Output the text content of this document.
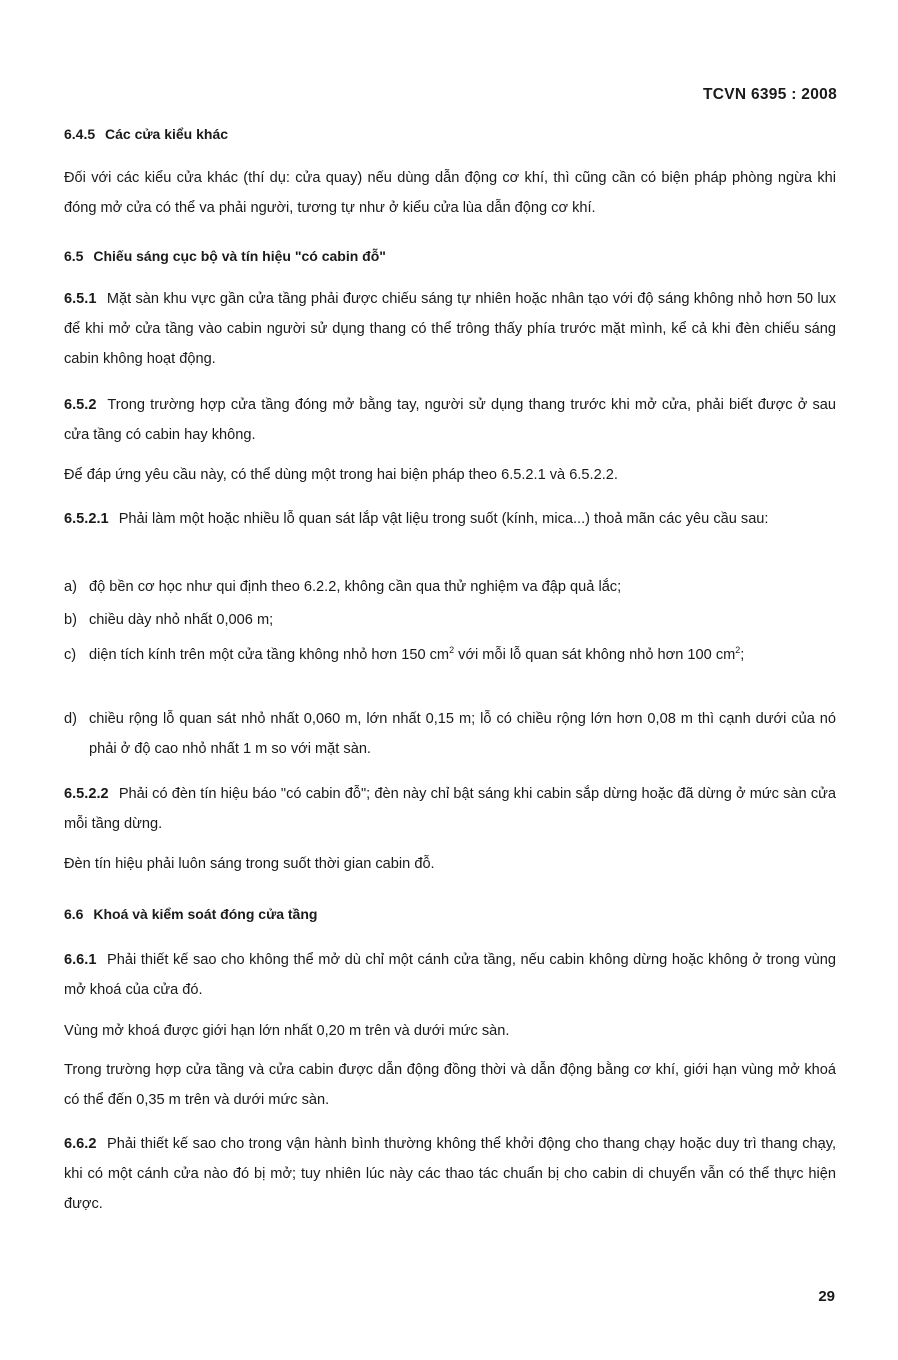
TCVN 6395 : 2008
6.4.5 Các cửa kiểu khác

Đối với các kiểu cửa khác (thí dụ: cửa quay) nếu dùng dẫn động cơ khí, thì cũng cần có biện pháp phòng ngừa khi đóng mở cửa có thể va phải người, tương tự như ở kiểu cửa lùa dẫn động cơ khí.

6.5 Chiếu sáng cục bộ và tín hiệu "có cabin đỗ"

6.5.1 Mặt sàn khu vực gần cửa tầng phải được chiếu sáng tự nhiên hoặc nhân tạo với độ sáng không nhỏ hơn 50 lux để khi mở cửa tầng vào cabin người sử dụng thang có thể trông thấy phía trước mặt mình, kể cả khi đèn chiếu sáng cabin không hoạt động.

6.5.2 Trong trường hợp cửa tầng đóng mở bằng tay, người sử dụng thang trước khi mở cửa, phải biết được ở sau cửa tầng có cabin hay không.

Để đáp ứng yêu cầu này, có thể dùng một trong hai biện pháp theo 6.5.2.1 và 6.5.2.2.

6.5.2.1 Phải làm một hoặc nhiều lỗ quan sát lắp vật liệu trong suốt (kính, mica...) thoả mãn các yêu cầu sau:

a) độ bền cơ học như qui định theo 6.2.2, không cần qua thử nghiệm va đập quả lắc;
b) chiều dày nhỏ nhất 0,006 m;
c) diện tích kính trên một cửa tầng không nhỏ hơn 150 $cm^2$ với mỗi lỗ quan sát không nhỏ hơn 100 $cm^2$;
d) chiều rộng lỗ quan sát nhỏ nhất 0,060 m, lớn nhất 0,15 m; lỗ có chiều rộng lớn hơn 0,08 m thì cạnh dưới của nó phải ở độ cao nhỏ nhất 1 m so với mặt sàn.

6.5.2.2 Phải có đèn tín hiệu báo "có cabin đỗ"; đèn này chỉ bật sáng khi cabin sắp dừng hoặc đã dừng ở mức sàn cửa mỗi tầng dừng.

Đèn tín hiệu phải luôn sáng trong suốt thời gian cabin đỗ.

6.6 Khoá và kiểm soát đóng cửa tầng

6.6.1 Phải thiết kế sao cho không thể mở dù chỉ một cánh cửa tầng, nếu cabin không dừng hoặc không ở trong vùng mở khoá của cửa đó.

Vùng mở khoá được giới hạn lớn nhất 0,20 m trên và dưới mức sàn.

Trong trường hợp cửa tầng và cửa cabin được dẫn động đồng thời và dẫn động bằng cơ khí, giới hạn vùng mở khoá có thể đến 0,35 m trên và dưới mức sàn.

6.6.2 Phải thiết kế sao cho trong vận hành bình thường không thể khởi động cho thang chạy hoặc duy trì thang chạy, khi có một cánh cửa nào đó bị mở; tuy nhiên lúc này các thao tác chuẩn bị cho cabin di chuyển vẫn có thể thực hiện được.

29
